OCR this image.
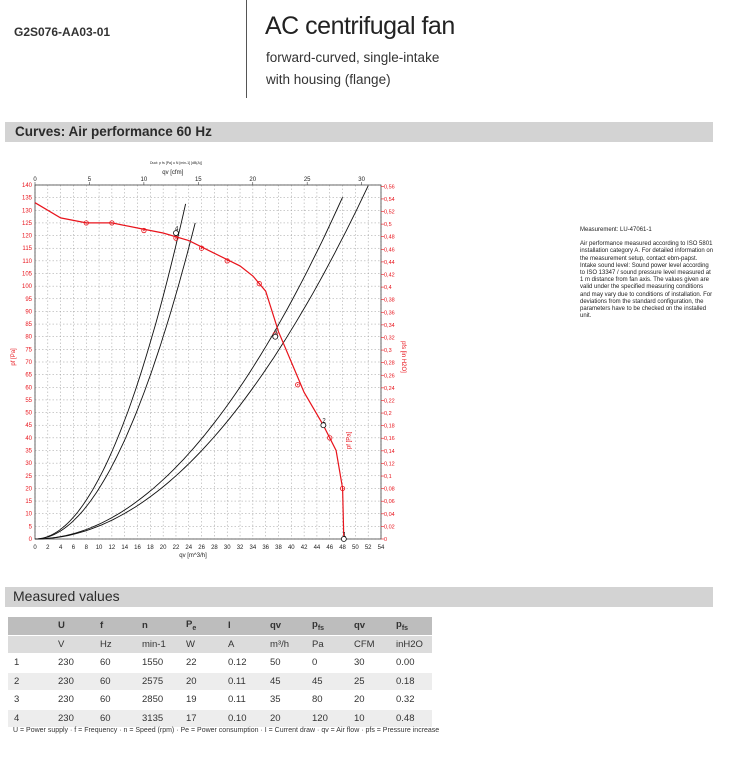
G2S076-AA03-01	AC centrifugal fan
forward-curved, single-intake
with housing (flange)
Curves: Air performance 60 Hz
0 2 4 6 8 10 12 14 16 18 20 22 24 26 28 30 32 34 36 38 40 42 44 46 48 50 52 54
0
5
10
15
20
25
30
35
40
45
50
55
60
65
70
75
80
85
90
95
100
105
110
115
120
125
130
135
140
0	5	10	15	20	25	30
0
0,02
0,04
0,06
0,08
0,1
0,12
0,14
0,16
0,18
0,2
0,22
0,24
0,26
0,28
0,3
0,32
0,34
0,36
0,38
0,4
0,42
0,44
0,46
0,48
0,5
0,52
0,54
0,56
1
2
3
4
qv [m^3/h]
qv [cfm]
Duct: p fs [Pa] u N [min-1] [dB(A)]
pf [Pa]	pfs [in H2O]
pf [Pa]

Measurement: LU-47061-1

Air performance measured according to ISO 5801 installation category A. For detailed information on the measurement setup, contact ebm-papst. Intake sound level: Sound power level according to ISO 13347 / sound pressure level measured at 1 m distance from fan axis. The values given are valid under the specified measuring conditions and may vary due to conditions of installation. For deviations from the standard configuration, the parameters have to be checked on the installed unit.

Measured values
	U	f	n	$P_e$	I	qv	$p_{fs}$	qv	$p_{fs}$
	V	Hz	min-1	W	A	m³/h	Pa	CFM	inH2O
1	230	60	1550	22	0.12	50	0	30	0.00
2	230	60	2575	20	0.11	45	45	25	0.18
3	230	60	2850	19	0.11	35	80	20	0.32
4	230	60	3135	17	0.10	20	120	10	0.48
U = Power supply · f = Frequency · n = Speed (rpm) · Pe = Power consumption · I = Current draw · qv = Air flow · pfs = Pressure increase
